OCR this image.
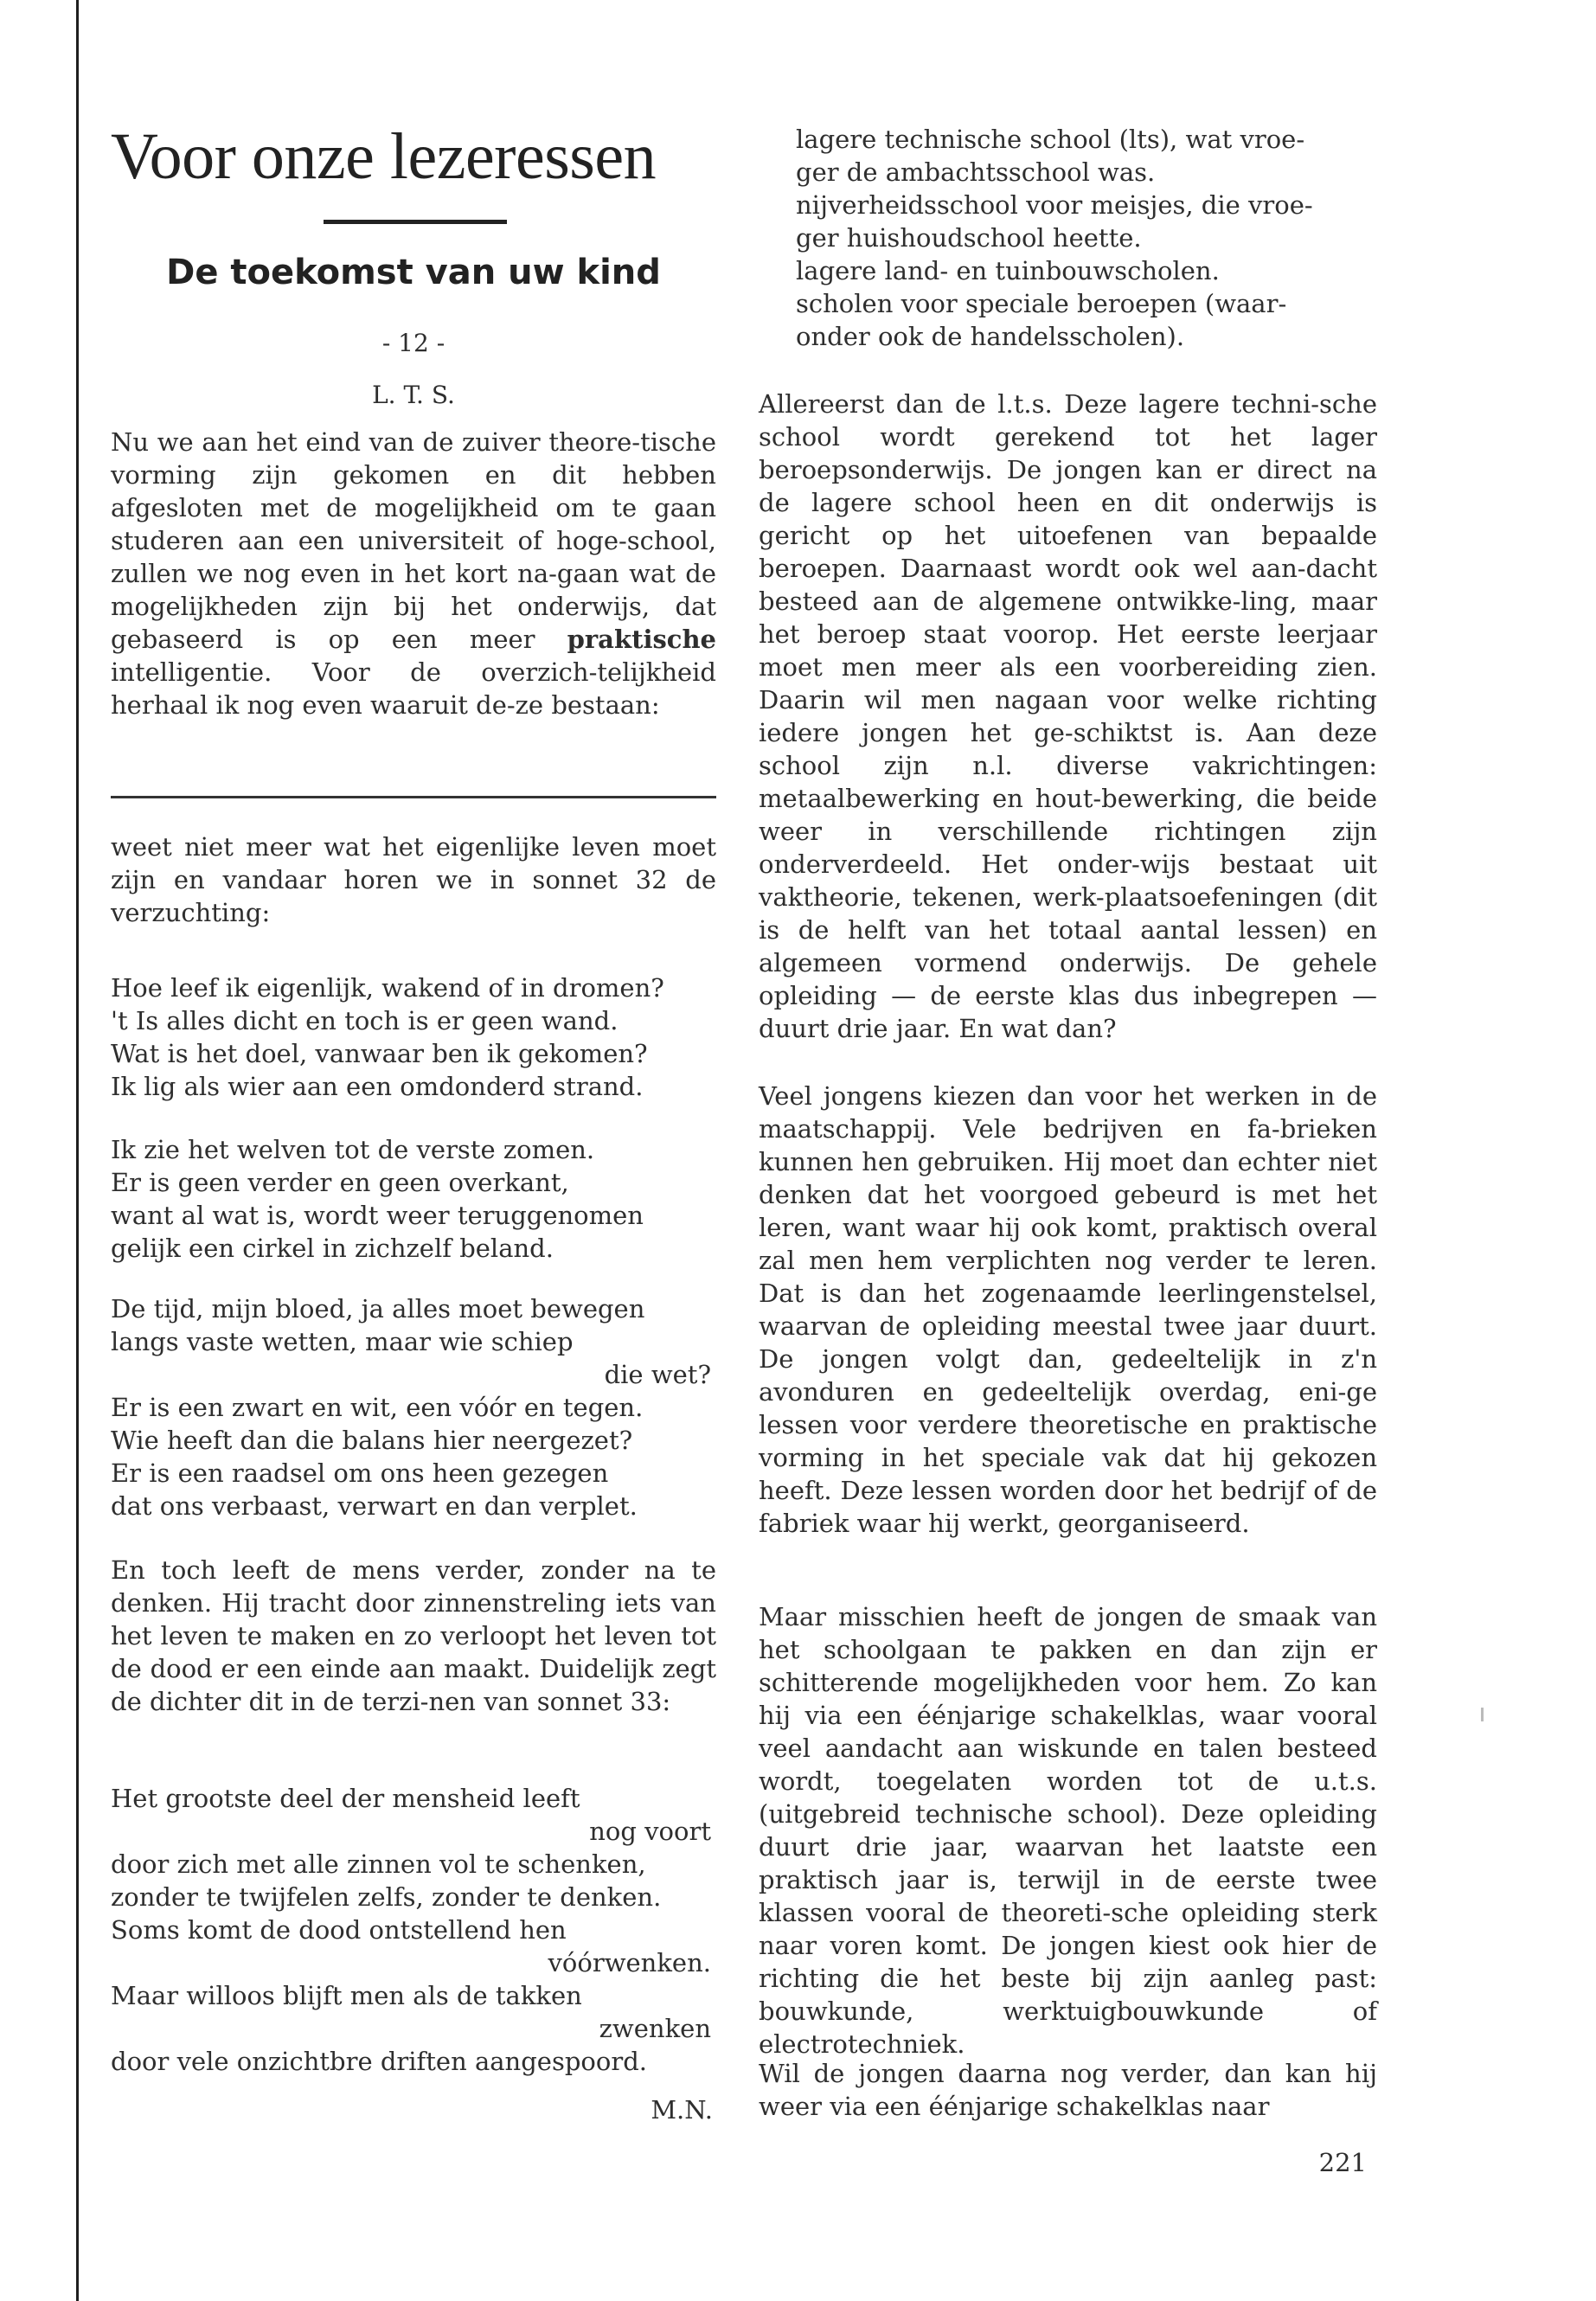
Voor onze lezeressen
De toekomst van uw kind
- 12 -
L. T. S.

Nu we aan het eind van de zuiver theore-tische vorming zijn gekomen en dit hebben afgesloten met de mogelijkheid om te gaan studeren aan een universiteit of hoge-school, zullen we nog even in het kort na-gaan wat de mogelijkheden zijn bij het onderwijs, dat gebaseerd is op een meer praktische intelligentie. Voor de overzich-telijkheid herhaal ik nog even waaruit de-ze bestaan:

weet niet meer wat het eigenlijke leven moet zijn en vandaar horen we in sonnet 32 de verzuchting:

Hoe leef ik eigenlijk, wakend of in dromen?
't Is alles dicht en toch is er geen wand.
Wat is het doel, vanwaar ben ik gekomen?
Ik lig als wier aan een omdonderd strand.
Ik zie het welven tot de verste zomen.
Er is geen verder en geen overkant,
want al wat is, wordt weer teruggenomen
gelijk een cirkel in zichzelf beland.
De tijd, mijn bloed, ja alles moet bewegen
langs vaste wetten, maar wie schiep
die wet?
Er is een zwart en wit, een vóór en tegen.
Wie heeft dan die balans hier neergezet?
Er is een raadsel om ons heen gezegen
dat ons verbaast, verwart en dan verplet.

En toch leeft de mens verder, zonder na te denken. Hij tracht door zinnenstreling iets van het leven te maken en zo verloopt het leven tot de dood er een einde aan maakt. Duidelijk zegt de dichter dit in de terzi-nen van sonnet 33:

Het grootste deel der mensheid leeft
nog voort
door zich met alle zinnen vol te schenken,
zonder te twijfelen zelfs, zonder te denken.
Soms komt de dood ontstellend hen
vóórwenken.
Maar willoos blijft men als de takken
zwenken
door vele onzichtbre driften aangespoord.
M.N.
lagere technische school (lts), wat vroe-
ger de ambachtsschool was.
nijverheidsschool voor meisjes, die vroe-
ger huishoudschool heette.
lagere land- en tuinbouwscholen.
scholen voor speciale beroepen (waar-
onder ook de handelsscholen).

Allereerst dan de l.t.s. Deze lagere techni-sche school wordt gerekend tot het lager beroepsonderwijs. De jongen kan er direct na de lagere school heen en dit onderwijs is gericht op het uitoefenen van bepaalde beroepen. Daarnaast wordt ook wel aan-dacht besteed aan de algemene ontwikke-ling, maar het beroep staat voorop. Het eerste leerjaar moet men meer als een voorbereiding zien. Daarin wil men nagaan voor welke richting iedere jongen het ge-schiktst is. Aan deze school zijn n.l. diverse vakrichtingen: metaalbewerking en hout-bewerking, die beide weer in verschillende richtingen zijn onderverdeeld. Het onder-wijs bestaat uit vaktheorie, tekenen, werk-plaatsoefeningen (dit is de helft van het totaal aantal lessen) en algemeen vormend onderwijs. De gehele opleiding — de eerste klas dus inbegrepen — duurt drie jaar. En wat dan?

Veel jongens kiezen dan voor het werken in de maatschappij. Vele bedrijven en fa-brieken kunnen hen gebruiken. Hij moet dan echter niet denken dat het voorgoed gebeurd is met het leren, want waar hij ook komt, praktisch overal zal men hem verplichten nog verder te leren. Dat is dan het zogenaamde leerlingenstelsel, waarvan de opleiding meestal twee jaar duurt. De jongen volgt dan, gedeeltelijk in z'n avonduren en gedeeltelijk overdag, eni-ge lessen voor verdere theoretische en praktische vorming in het speciale vak dat hij gekozen heeft. Deze lessen worden door het bedrijf of de fabriek waar hij werkt, georganiseerd.

Maar misschien heeft de jongen de smaak van het schoolgaan te pakken en dan zijn er schitterende mogelijkheden voor hem. Zo kan hij via een éénjarige schakelklas, waar vooral veel aandacht aan wiskunde en talen besteed wordt, toegelaten worden tot de u.t.s. (uitgebreid technische school). Deze opleiding duurt drie jaar, waarvan het laatste een praktisch jaar is, terwijl in de eerste twee klassen vooral de theoreti-sche opleiding sterk naar voren komt. De jongen kiest ook hier de richting die het beste bij zijn aanleg past: bouwkunde, werktuigbouwkunde of electrotechniek.

Wil de jongen daarna nog verder, dan kan hij weer via een éénjarige schakelklas naar

221
